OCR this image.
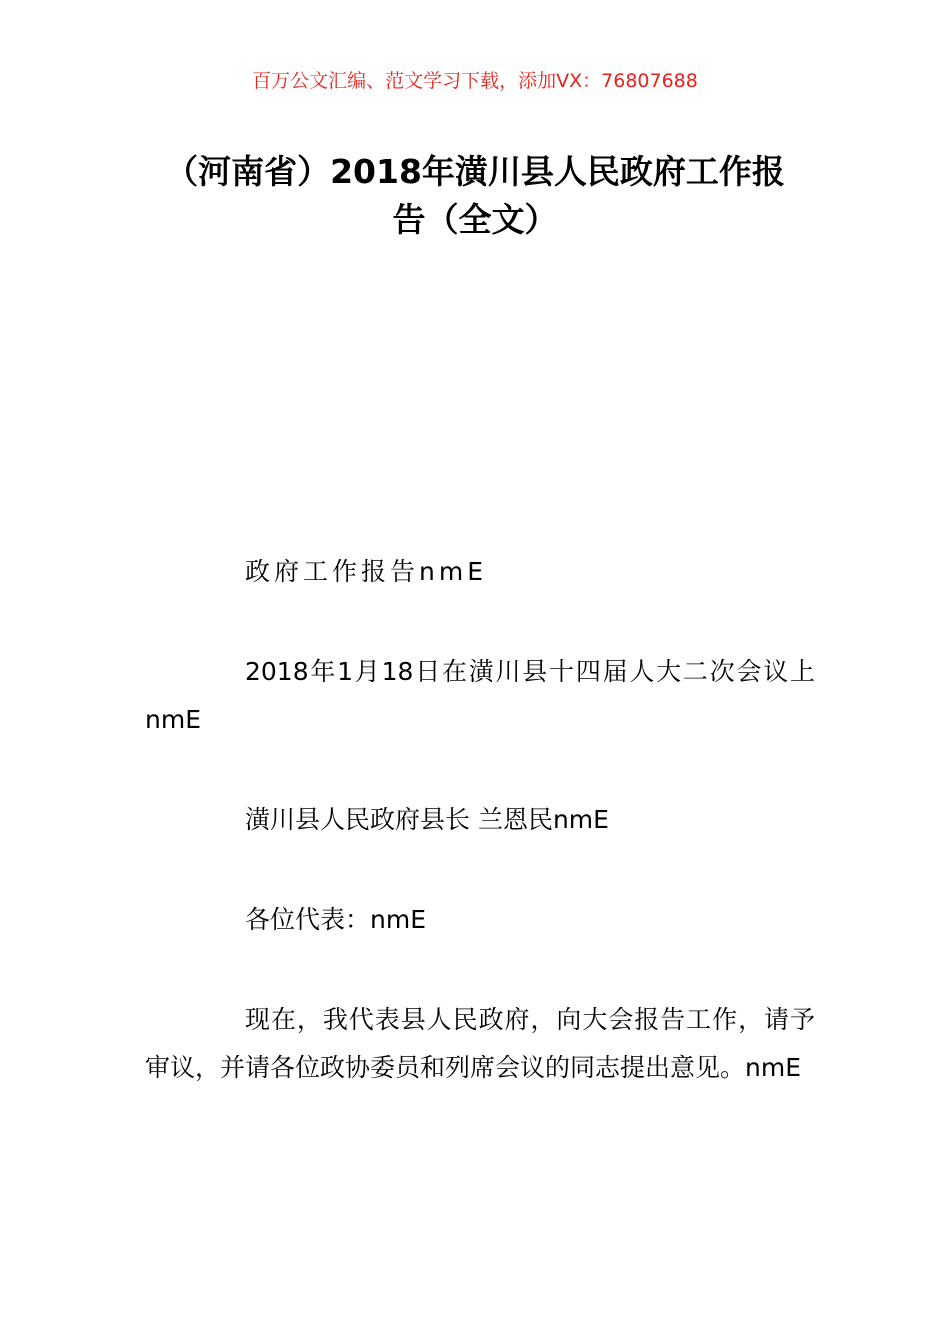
百万公文汇编、范文学习下载，添加VX：76807688
（河南省）2018年潢川县人民政府工作报
告（全文）

政府工作报告nmE

2018年1月18日在潢川县十四届人大二次会议上nmE

潢川县人民政府县长 兰恩民nmE

各位代表：nmE

现在，我代表县人民政府，向大会报告工作，请予审议，并请各位政协委员和列席会议的同志提出意见。nmE
